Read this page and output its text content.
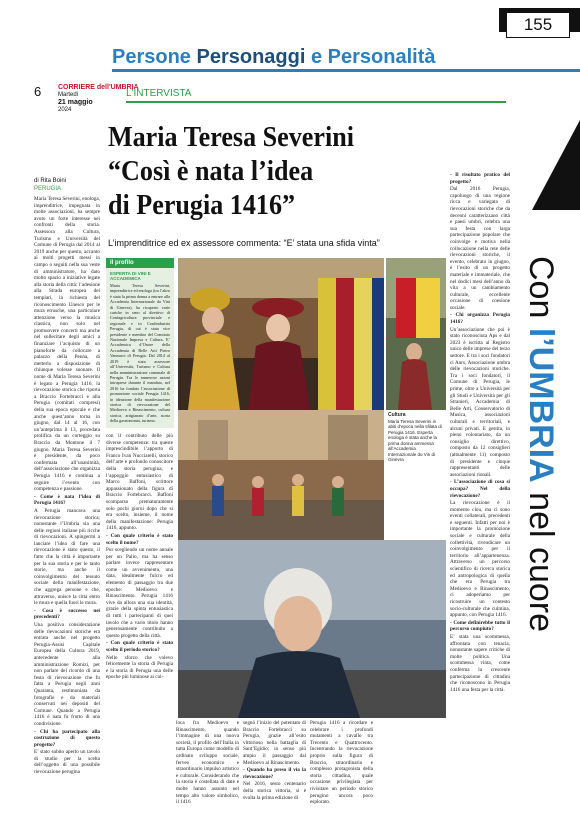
155
Persone Personaggi e Personalità
6 CORRIERE dell'UMBRIA
Martedì
21 maggio
2024
L'INTERVISTA
Maria Teresa Severini
“Così è nata l’idea
di Perugia 1416”
L’imprenditrice ed ex assessore commenta: “E’ stata una sfida vinta”
di Rita Boini
PERUGIA

Maria Teresa Severini, enologa, imprenditrice, impegnata in molte associazioni, ha sempre avuto un forte interesse nei confronti della storia. Assessora alla Cultura, Turismo e Università del Comune di Perugia dal 2014 al 2019 anche per questo, accanto ai molti progetti messi in campo o seguiti nella sua veste di amministratore, ha dato molto spazio a iniziative legate alla storia della città: l’adesione alla Strada europea dei templari, la richiesta del riconoscimento Unesco per le mura etrusche, una particolare attenzione verso la musica classica, non solo nel promuovere concerti ma anche nel sollecitare degli amici a finanziare l’acquisto di un pianoforte da collocare a palazzo della Penna, di metterlo a disposizione di chiunque volesse suonare. Il nome di Maria Teresa Severini è legato a Perugia 1416, la rievocazione storica che riporta a Braccio Fortebracci e alla Perugia (comitati compresi) della sua epoca epocale e che anche quest’anno torna in giugno, dal 14 al 16, con un’anteprima il 13, procedata prolifica da un corteggio su Braccio da Montone il 7 giugno. Maria Teresa Severini è presidente, da poco confermata all’unanimità, dell’associazione che organizza Perugia 1416 e continua a seguire l’evento con competenza e passione.

- Come è nata l’idea di Perugia 1416?

A Perugia mancava una rievocazione storica; nonostante l’Umbria sia una delle regioni italiane più ricche di rievocazioni. A spingermi a lanciare l’idea di fare una rievocazione è stato questo, il fatto che la città è importante per la sua storia e per le tanto storie, ma anche il coinvolgimento del tessuto sociale della manifestazione, che aggrega persone e che, attraverso, unisce la città entro le mura e quella fuori le mura.

- Cosa è successo nei precedenti?

Una positiva considerazione delle rievocazioni storiche era entrata anche nel progetto Perugia-Assisi Capitale Europea della Cultura 2019, antecedente alla amministrazione Romizi, per non parlare del ricordo di una festa di rievocazione che fu fatta a Perugia negli anni Quaranta, testimoniata da fotografie e da materiali conservati nei depositi del Comune. Quando a Perugia 1416 è nata fu frutto di una condivisione.

- Chi ha partecipato alla costruzione di questo progetto?

E’ stato subito aperto un tavolo di studio per la scelta dell’oggetto di una possibile rievocazione perugina

Il profilo
ESPERTA DI VINI E ACCADEMICA
Maria Teresa Severini, imprenditrice ed enologa (tra l’altro è stata la prima donna a entrare alla Accademia Internazionale da Vini di Ginevra), ha ricoperto varie cariche in seno al direttivo di Confagricoltura provinciale e regionale e in Confindustria Perugia, di cui è stata vice presidente e membro del Comitato Nazionale Impresa e Cultura. E’ Accademica d’Onore della Accademia di Belle Arti Pietro Vannucci di Perugia. Dal 2014 al 2019 è stata assessore all’Università, Turismo e Cultura nella amministrazione comunale di Perugia. Tra le numerose azioni intraprese durante il mandato, nel 2016 ha fondato l’associazione di promozione sociale Perugia 1416, in ideazione della manifestazione storica di rievocazione del Medioevo e Rinascimento, cultura storica, artigianato d’arte, storia della gastronomia, turismo.

con il contributo delle più diverse competenze: tra queste imprescindibile l’apporto di Franco Ivan Nucciarelli, storico dell’arte e profondo conoscitore della storia perugina, e l’appoggio entusiastico di Marco Baffoni, scrittore appassionato della figura di Braccio Fortebracci. Baffoni scomparso prematuramente solo pochi giorni dopo che si era scelto, insieme, il nome della manifestazione: Perugia 1416, appunto.

- Con quale criterio è stato scelto il nome?

Pur scegliendo un nome annale per un Palio, ma ha senso parlare invece rappresentare come un avvenimento, una data, idealmente fulcro ed elemento di passaggio tra due epoche: Medioevo e Rinascimento. Perugia 1416 vive da allora una sua identità, grazie della spinta entusiastica di tutti i partecipanti di quei tavolo che a vario titolo hanno generosamente contribuito a questo progetto della città.

- Con quale criterio è stato scelto il periodo storico?

Nello sforzo che volevo felicemente la storia di Perugia e la storia di Perugia una delle epoche più luminose ai col-

Cultura
Maria Teresa Severini in abiti d’epoca nella sfilata di Perugia 1416. Esperta enologa è stata anche la prima donna ammessa all’Accademia Internazionale du Vin di Ginevra

loca fra Medioevo e Rinascimento, quando l’immagine di una nuova società, il profilo dell’Italia in tutta Europa come modello di ordinato sviluppo sociale, ferveo economico e straordinario impulso artistico e culturale. Considerando che la storia è costellata di date e molte hanno assunto nel tempo alto valore simbolico, il 1416

segnò l’inizio del potentato di Braccio Fortebracci su Perugia, grazie all’esito vittorioso nella battaglia di Sant’Egidio; in senso più ampio il passaggio dal Medioevo al Rinascimento.

- Quando ha preso il via la rievocazione?

Nel 2016, sesto centenario della storica vittoria, si è svolta la prima edizione di

Perugia 1416 a ricordare e celebrare i profondi mutamenti a cavallo tra Trecento e Quattrocento. Incentrando la rievocazione proprio sulla figura di Braccio, straordinario e complesso protagonista della storia cittadina, quale occasione privilegiata per rivisitare un periodo storico perugino ancora poco esplorato.

- Il risultato pratico del progetto?

Dal 2016 Perugia, capoluogo di una regione ricca e variegata di rievocazioni storiche che da decenni caratterizzano città e paesi umbri, celebra una sua festa con larga partecipazione popolare che coinvolge e motiva nella collocazione nella rete delle rievocazioni storiche, il evento, celebrato in giugno, è l’esito di un progetto materiale e immateriale, che nel dodici mesi dell’anno dà vita a un cambiamento culturale, eccellente occasione di coesione sociale.

- Chi organizza Perugia 1416?

Un’associazione che poi è stato riconosciuta Aps e dal 2023 è iscritta al Registro unico delle imprese del terzo settore. E tra i soci fondatori ci Aurs, Associazione umbra delle rievocazioni storiche. Tra i soci fondatori, il Comune di Perugia, le prime, oltre a Università per gli Studi e Università per gli Stranieri, Accademia di Belle Arti, Conservatorio di Musica, associazioni culturali e territoriali, e alcuni privati. E gestita, in pieno volontariato, da un consiglio direttivo, composto da 12 consiglieri (attualmente 11) composto di presidente e cinque rappresentanti delle associazioni rionali.

- L’associazione di cosa si occupa? Nel della rievocazione?

La rievocazione è il momento clou, ma ci sono eventi collaterali, precedenti e seguenti. Infatti per noi è importante la promozione sociale e culturale della collettività, rivendicare un coinvolgimento per il territorio all’appartenenza. Attraverso un percorso scientifico di ricerca storica ed antropologica di quella che era Perugia tra Medioevo e Rinascimento, ci adoperiamo per ricostruire un contesto socio-culturale che culmina, appunto, con Perugia 1416.

- Come definirebbe tutto il percorso compiuto?

E’ stata una scommessa, affrontata con tenacia, nonostante sapere critiche di molte politica. Una scommessa vinta, come conferma la crescente partecipazione di cittadini che riconoscono in Perugia 1416 una festa per la città.

Con l’UMBRIA nel cuore
